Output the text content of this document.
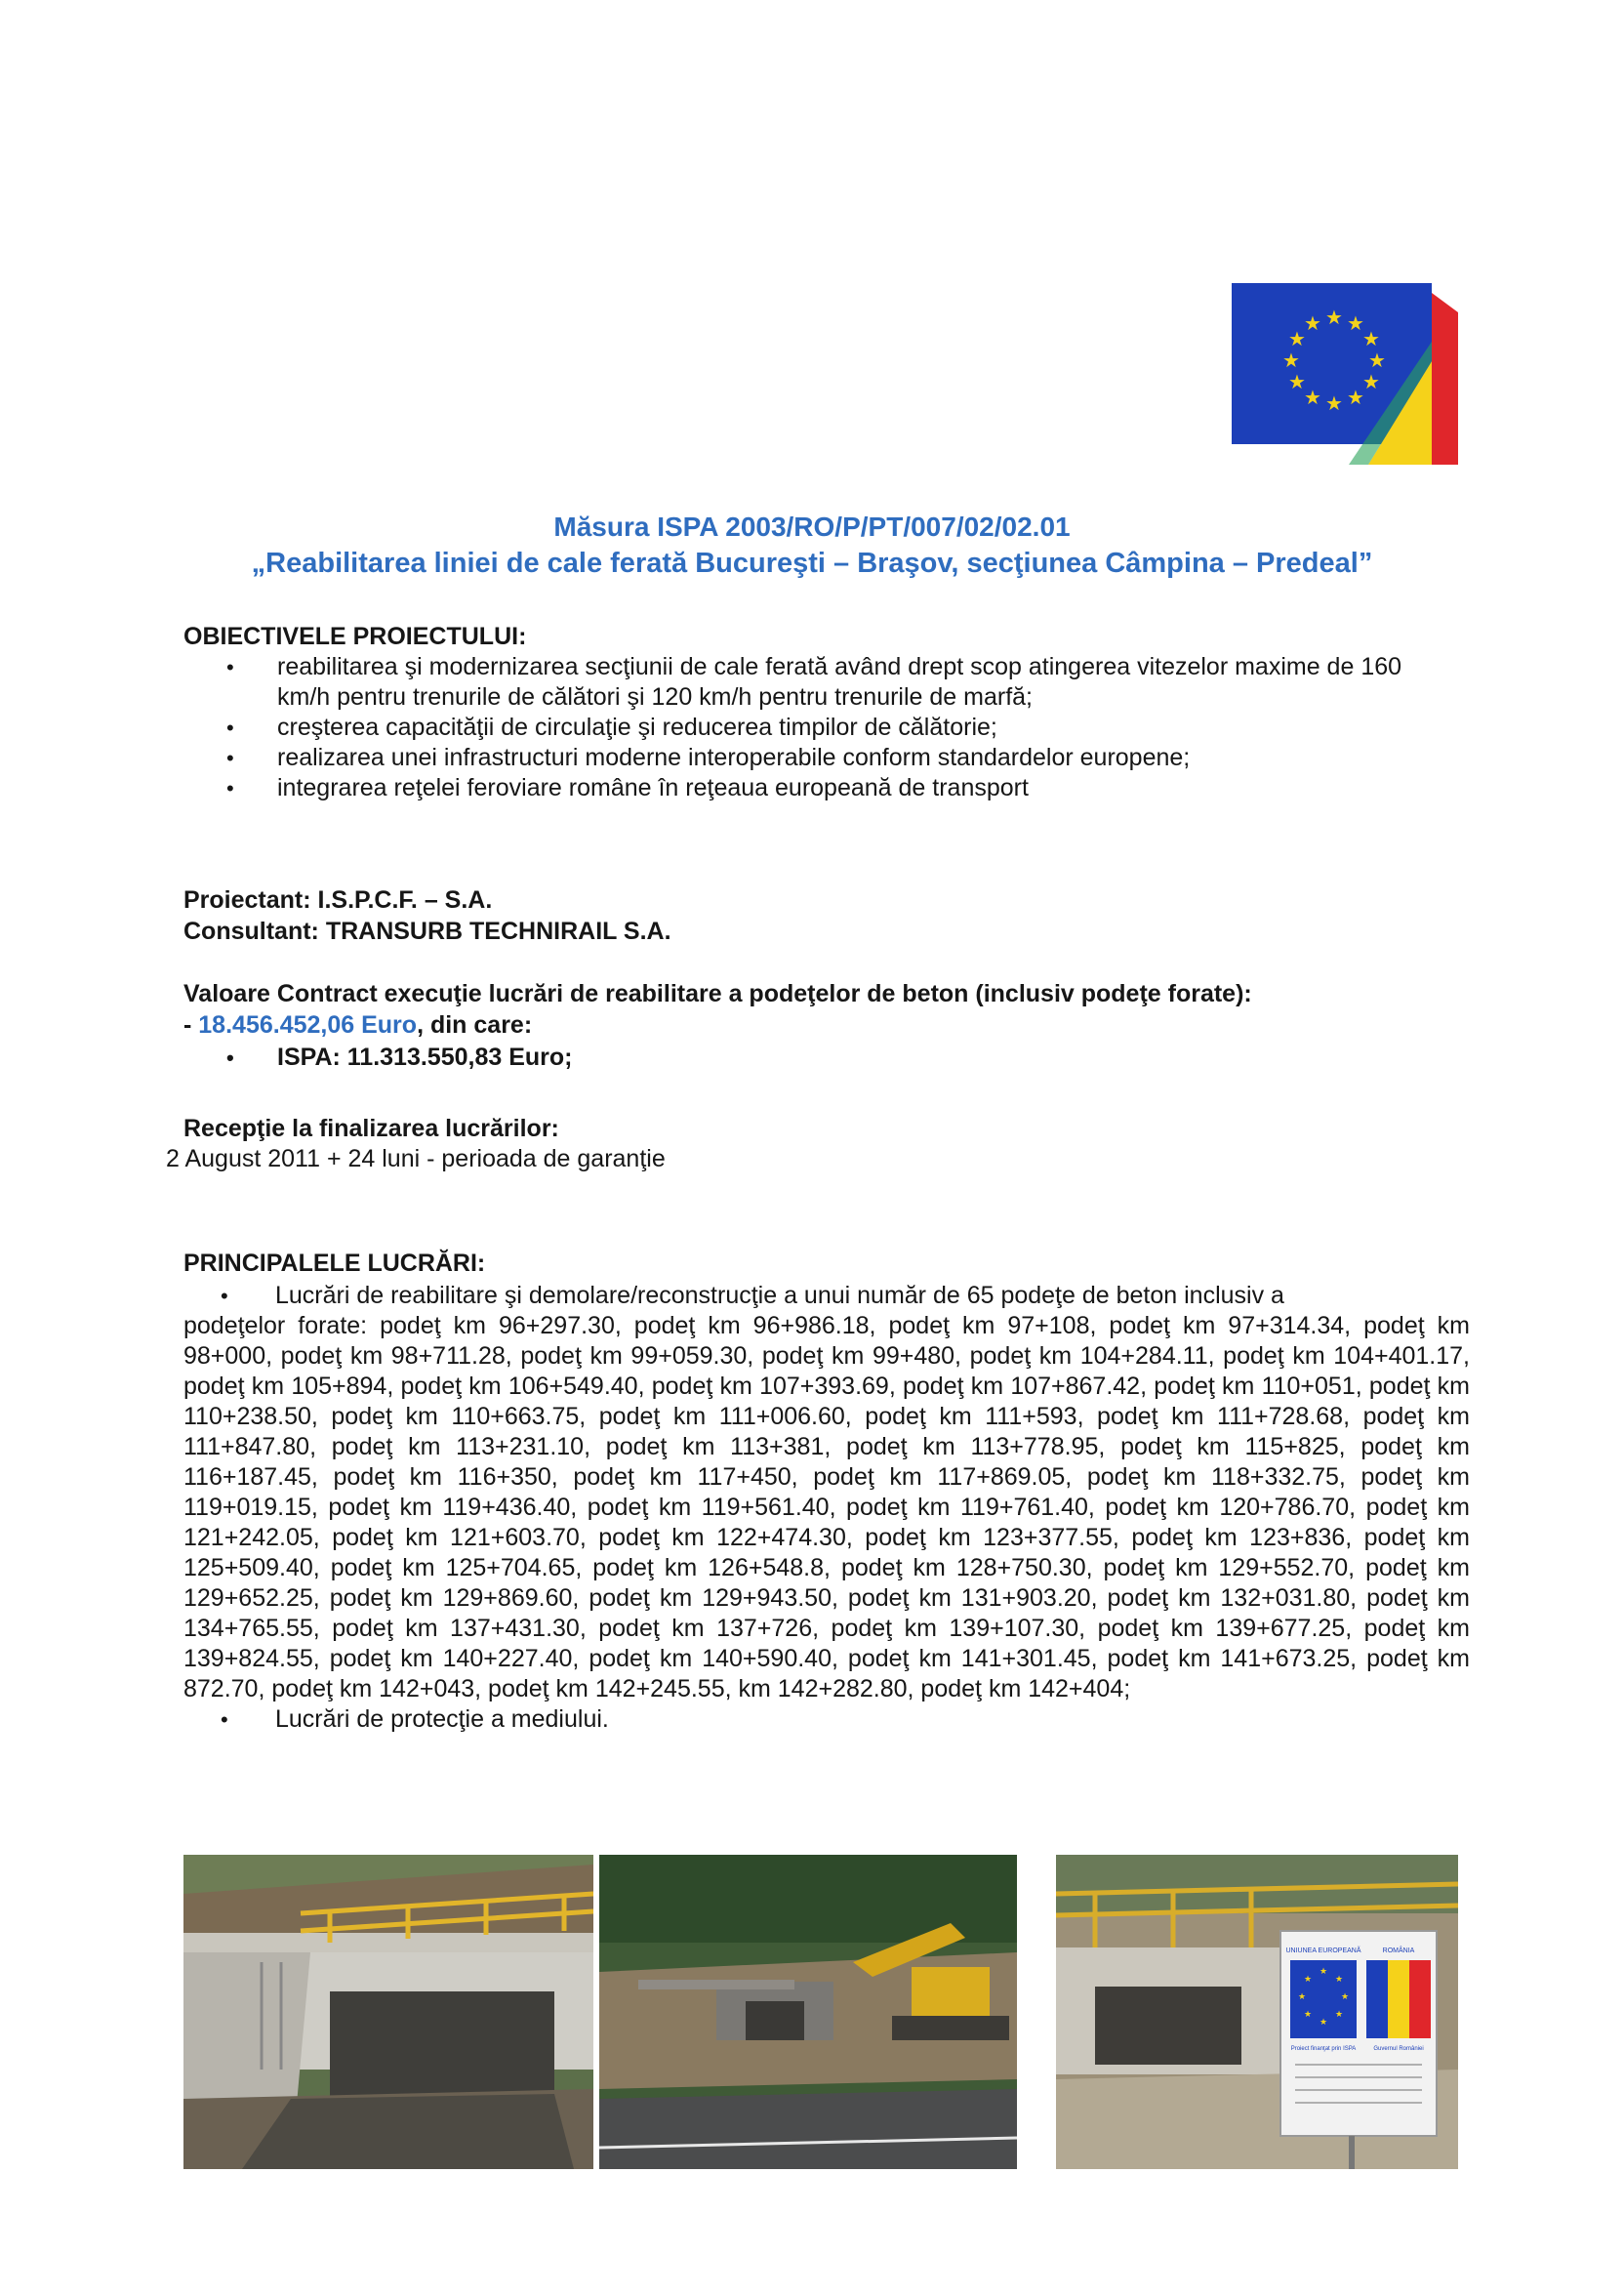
★ ★
★
★
★
★
★
★
★
★
★
★
Măsura ISPA 2003/RO/P/PT/007/02/02.01
„Reabilitarea liniei de cale ferată Bucureşti – Braşov, secţiunea Câmpina – Predeal”
OBIECTIVELE PROIECTULUI:
• reabilitarea şi modernizarea secţiunii de cale ferată având drept scop atingerea vitezelor maxime de 160 km/h pentru trenurile de călători şi 120 km/h pentru trenurile de marfă;
• creşterea capacităţii de circulaţie şi reducerea timpilor de călătorie;
• realizarea unei infrastructuri moderne interoperabile conform standardelor europene;
• integrarea reţelei feroviare române în reţeaua europeană de transport
Proiectant: I.S.P.C.F. – S.A.
Consultant: TRANSURB TECHNIRAIL S.A.
Valoare Contract execuţie lucrări de reabilitare a podeţelor de beton (inclusiv podeţe forate):
- 18.456.452,06 Euro, din care:
• ISPA: 11.313.550,83 Euro;
Recepţie la finalizarea lucrărilor:
2 August 2011 + 24 luni - perioada de garanţie
PRINCIPALELE LUCRĂRI:
• Lucrări de reabilitare şi demolare/reconstrucţie a unui număr de 65 podeţe de beton inclusiv a
podeţelor forate: podeţ km 96+297.30, podeţ km 96+986.18, podeţ km 97+108, podeţ km 97+314.34, podeţ km 98+000, podeţ km 98+711.28, podeţ km 99+059.30, podeţ km 99+480, podeţ km 104+284.11, podeţ km 104+401.17, podeţ km 105+894, podeţ km 106+549.40, podeţ km 107+393.69, podeţ km 107+867.42, podeţ km 110+051, podeţ km 110+238.50, podeţ km 110+663.75, podeţ km 111+006.60, podeţ km 111+593, podeţ km 111+728.68, podeţ km 111+847.80, podeţ km 113+231.10, podeţ km 113+381, podeţ km 113+778.95, podeţ km 115+825, podeţ km 116+187.45, podeţ km 116+350, podeţ km 117+450, podeţ km 117+869.05, podeţ km 118+332.75, podeţ km 119+019.15, podeţ km 119+436.40, podeţ km 119+561.40, podeţ km 119+761.40, podeţ km 120+786.70, podeţ km 121+242.05, podeţ km 121+603.70, podeţ km 122+474.30, podeţ km 123+377.55, podeţ km 123+836, podeţ km 125+509.40, podeţ km 125+704.65, podeţ km 126+548.8, podeţ km 128+750.30, podeţ km 129+552.70, podeţ km 129+652.25, podeţ km 129+869.60, podeţ km 129+943.50, podeţ km 131+903.20, podeţ km 132+031.80, podeţ km 134+765.55, podeţ km 137+431.30, podeţ km 137+726, podeţ km 139+107.30, podeţ km 139+677.25, podeţ km 139+824.55, podeţ km 140+227.40, podeţ km 140+590.40, podeţ km 141+301.45, podeţ km 141+673.25, podeţ km 872.70, podeţ km 142+043, podeţ km 142+245.55, km 142+282.80, podeţ km 142+404;
• Lucrări de protecţie a mediului.
★
★
★
★
★
★
★
★
UNIUNEA EUROPEANĂ	ROMÂNIA
Proiect finanţat prin ISPA	Guvernul României
